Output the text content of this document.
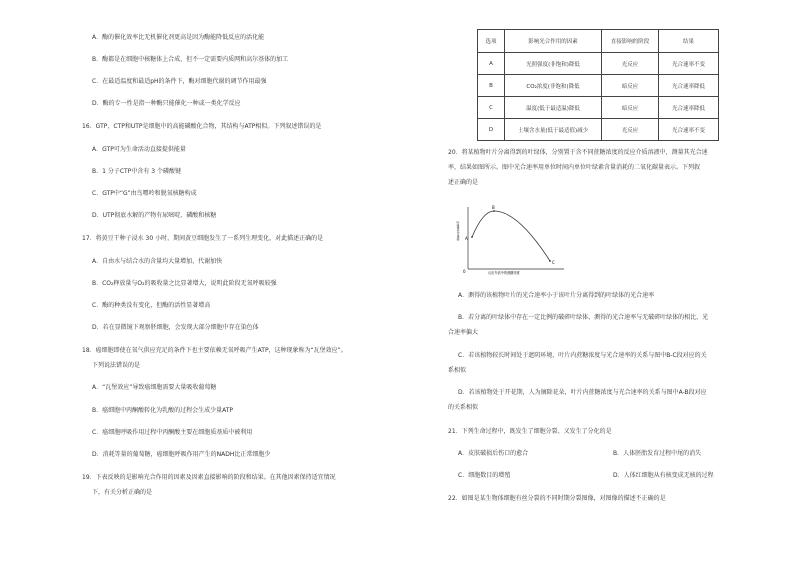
A．酶的催化效率比无机催化剂更高是因为酶能降低反应的活化能
B．酶都是在细胞中核糖体上合成，但不一定需要内质网和高尔基体的加工
C．在最适温度和最适pH的条件下，酶对细胞代谢的调节作用最强
D．酶的专一性是指一种酶只能催化一种或一类化学反应
16．GTP、CTP和UTP是细胞中的高能磷酸化合物，其结构与ATP相似。下列叙述错误的是
A．GTP可为生命活动直接提供能量
B．1 分子CTP中含有 3 个磷酸键
C．GTP中“G”由鸟嘌呤和脱氧核糖构成
D．UTP彻底水解的产物有尿嘧啶、磷酸和核糖
17．将黄豆干种子浸水 30 小时，期间黄豆细胞发生了一系列生理变化，对此描述正确的是
A．自由水与结合水的含量均大量增加，代谢加快
B．CO₂释放量与O₂的吸收量之比显著增大，说明此阶段无氧呼吸较强
C．酶的种类没有变化，但酶的活性显著增高
D．若在显微镜下观察胚细胞，会发现大部分细胞中存在染色体
18．癌细胞即使在氧气供应充足的条件下也主要依赖无氧呼吸产生ATP，这种现象称为“瓦堡效应”。
下列说法错误的是
A．“瓦堡效应”导致癌细胞需要大量吸收葡萄糖
B．癌细胞中丙酮酸转化为乳酸的过程会生成少量ATP
C．癌细胞呼吸作用过程中丙酮酸主要在细胞质基质中被利用
D．消耗等量的葡萄糖，癌细胞呼吸作用产生的NADH比正常细胞少
19．下表反映的是影响光合作用的因素及因素直接影响的阶段和结果。在其他因素保持适宜情况
下，有关分析正确的是
选项	影响光合作用的因素	直接影响的阶段	结果
A	光照强度(非饱和)降低	光反应	光合速率不变
B	CO₂浓度(非饱和)降低	暗反应	光合速率降低
C	温度(低于最适温)降低	暗反应	光合速率降低
D	土壤含水量(低于最适值)减少	光反应	光合速率不变
20．将某植物叶片分离得到的叶绿体，分别置于含不同蔗糖浓度的反应介质溶液中，测量其光合速
率，结果如图所示。图中光合速率用单位时间内单位叶绿素含量消耗的二氧化碳量表示。下列叙
述正确的是
A．测得的该植物叶片的光合速率小于该叶片分离得到的叶绿体的光合速率
B．若分离的叶绿体中存在一定比例的破碎叶绿体，测得的光合速率与无破碎叶绿体的相比，光
合速率偏大
C．若该植物较长时间处于遮阴环境，叶片内蔗糖浓度与光合速率的关系与图中B-C段对应的关
系相似
D．若该植物处于开花期，人为摘除花朵，叶片内蔗糖浓度与光合速率的关系与图中A-B段对应
的关系相似
21．下列生命过程中，既发生了细胞分裂、又发生了分化的是
A．皮肤破损后伤口的愈合	B．人体胚胎发育过程中尾的消失
C．细胞数目的增殖	D．人体红细胞从有核变成无核的过程
22．如图是某生物体细胞有丝分裂的不同时期分裂图像，对图像的描述不正确的是
A
B
C
0	反应介质中的蔗糖浓度
叶绿体光合速率
